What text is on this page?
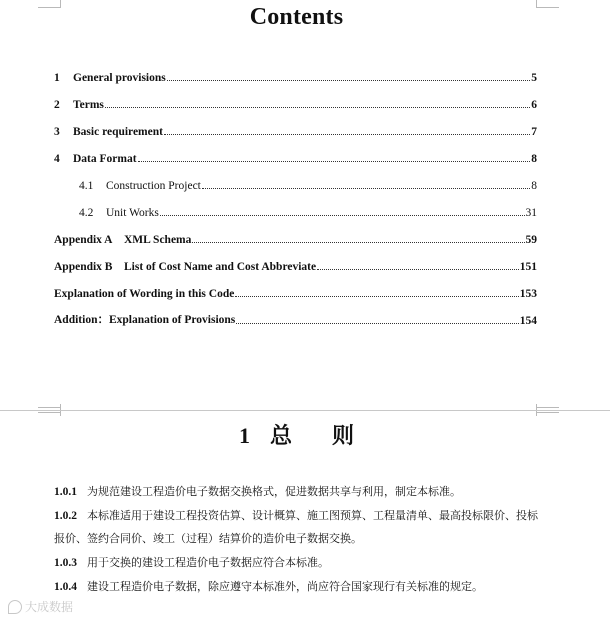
Contents
1	General provisions	5
2	Terms	6
3	Basic requirement	7
4	Data Format	8
4.1	Construction Project	8
4.2	Unit Works	31
Appendix A    XML Schema	59
Appendix B    List of Cost Name and Cost Abbreviate	151
Explanation of Wording in this Code	153
Addition：Explanation of Provisions	154
1 总 则
1.0.1 为规范建设工程造价电子数据交换格式，促进数据共享与利用，制定本标准。
1.0.2 本标准适用于建设工程投资估算、设计概算、施工图预算、工程量清单、最高投标限价、投标报价、签约合同价、竣工（过程）结算价的造价电子数据交换。
1.0.3 用于交换的建设工程造价电子数据应符合本标准。
1.0.4 建设工程造价电子数据，除应遵守本标准外，尚应符合国家现行有关标准的规定。
大成数据
